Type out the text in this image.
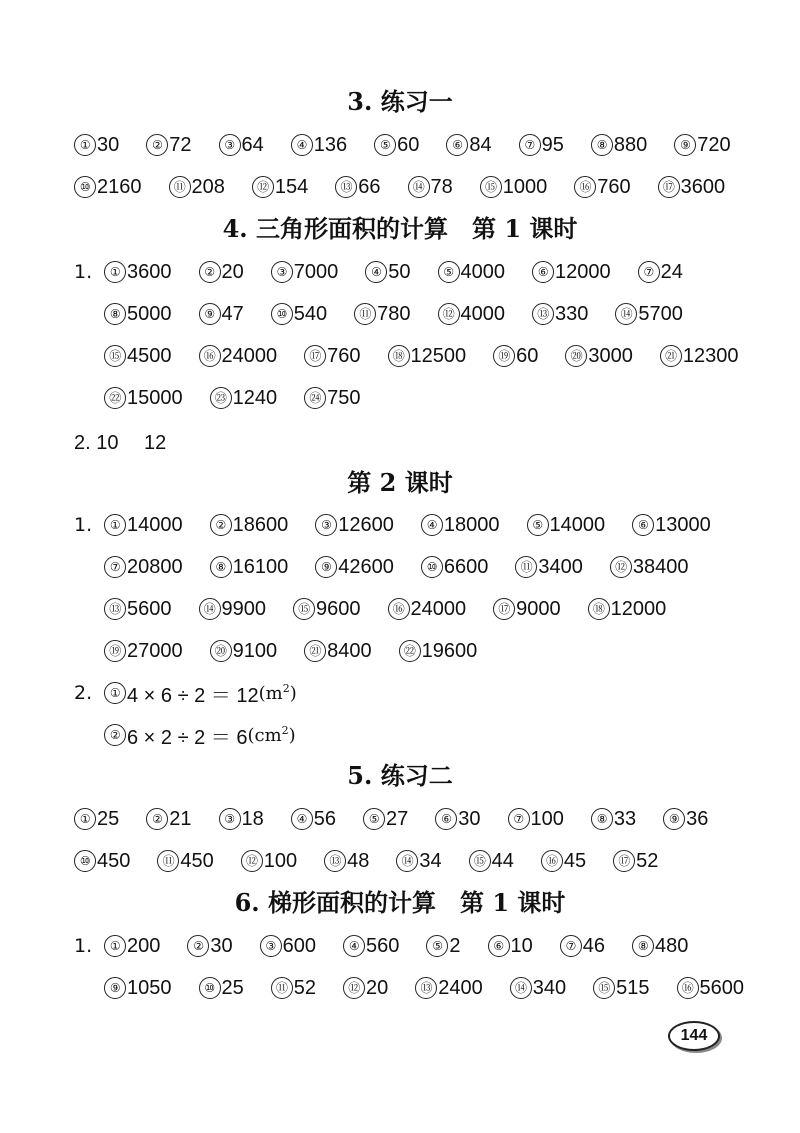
3. 练习一
① 30	② 72	③ 64	④ 136	⑤ 60	⑥ 84	⑦ 95	⑧ 880	⑨ 720
⑩ 2160	⑪ 208	⑫ 154	⑬ 66	⑭ 78	⑮ 1000	⑯ 760	⑰ 3600
4. 三角形面积的计算　第 1 课时
1.	① 3600	② 20	③ 7000	④ 50	⑤ 4000	⑥ 12000	⑦ 24
⑧ 5000	⑨ 47	⑩ 540	⑪ 780	⑫ 4000	⑬ 330	⑭ 5700
⑮ 4500	⑯ 24000	⑰ 760	⑱ 12500	⑲ 60	⑳ 3000	㉑ 12300
㉒ 15000	㉓ 1240	㉔ 750
2. 10　 12
第 2 课时
1.	① 14000	② 18600	③ 12600	④ 18000	⑤ 14000	⑥ 13000
⑦ 20800	⑧ 16100	⑨ 42600	⑩ 6600	⑪ 3400	⑫ 38400
⑬ 5600	⑭ 9900	⑮ 9600	⑯ 24000	⑰ 9000	⑱ 12000
⑲ 27000	⑳ 9100	㉑ 8400	㉒ 19600
2.	① 4 × 6 ÷ 2 ＝ 12 $(m^2)$
② 6 × 2 ÷ 2 ＝ 6 $(cm^2)$
5. 练习二
① 25	② 21	③ 18	④ 56	⑤ 27	⑥ 30	⑦ 100	⑧ 33	⑨ 36
⑩ 450	⑪ 450	⑫ 100	⑬ 48	⑭ 34	⑮ 44	⑯ 45	⑰ 52
6. 梯形面积的计算　第 1 课时
1.	① 200	② 30	③ 600	④ 560	⑤ 2	⑥ 10	⑦ 46	⑧ 480
⑨ 1050	⑩ 25	⑪ 52	⑫ 20	⑬ 2400	⑭ 340	⑮ 515	⑯ 5600
144
